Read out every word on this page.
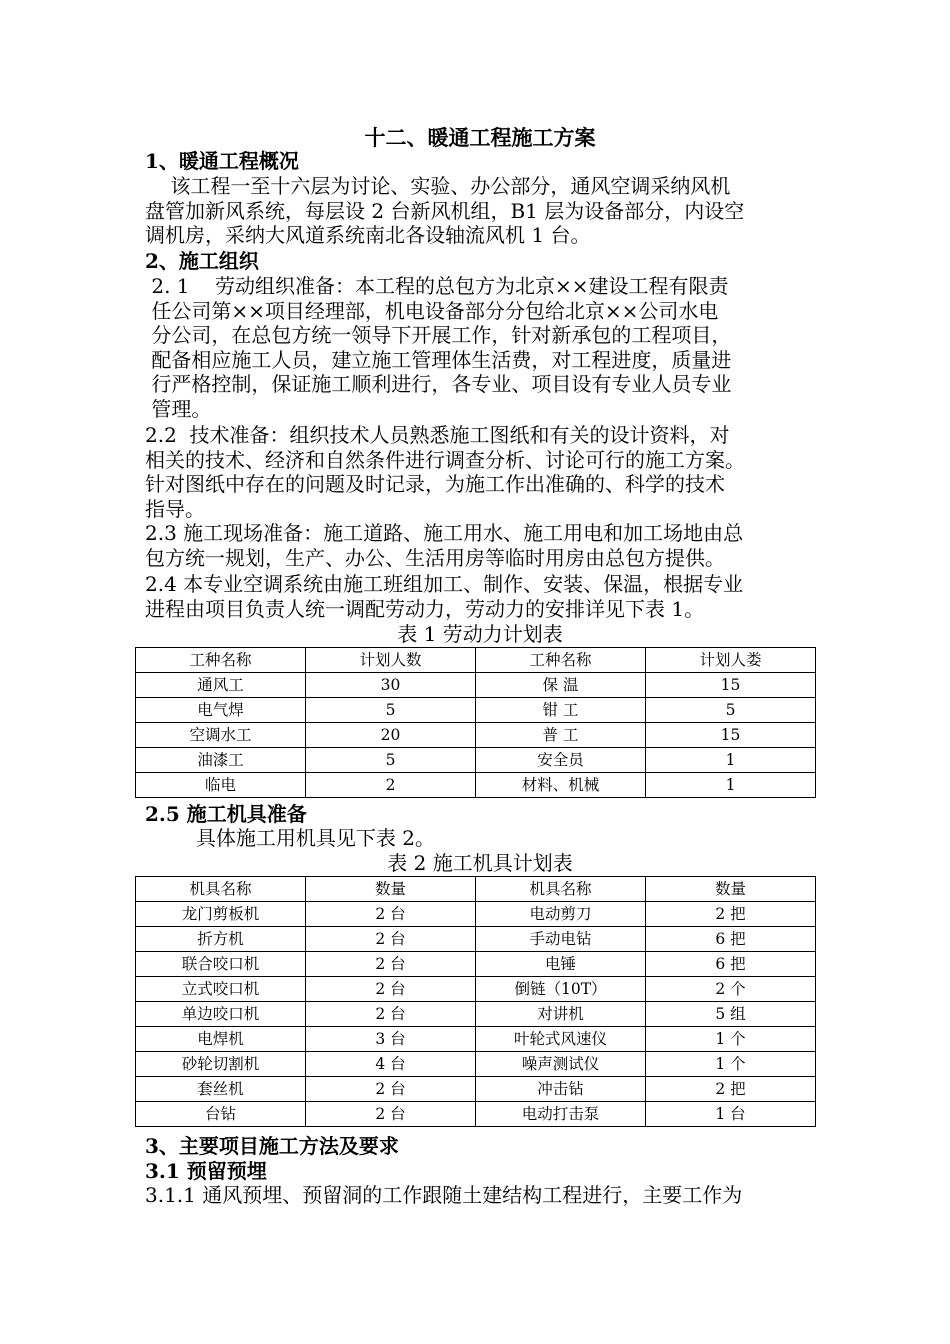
十二、暖通工程施工方案
1、暖通工程概况
该工程一至十六层为讨论、实验、办公部分，通风空调采纳风机
盘管加新风系统，每层设 2 台新风机组，B1 层为设备部分，内设空
调机房，采纳大风道系统南北各设轴流风机 1 台。
2、施工组织
2. 1    劳动组织准备：本工程的总包方为北京××建设工程有限责
任公司第××项目经理部，机电设备部分分包给北京××公司水电
分公司，在总包方统一领导下开展工作，针对新承包的工程项目，
配备相应施工人员，建立施工管理体生活费，对工程进度，质量进
行严格控制，保证施工顺利进行，各专业、项目设有专业人员专业
管理。
2.2  技术准备：组织技术人员熟悉施工图纸和有关的设计资料，对
相关的技术、经济和自然条件进行调查分析、讨论可行的施工方案。
针对图纸中存在的问题及时记录，为施工作出准确的、科学的技术
指导。
2.3 施工现场准备：施工道路、施工用水、施工用电和加工场地由总
包方统一规划，生产、办公、生活用房等临时用房由总包方提供。
2.4 本专业空调系统由施工班组加工、制作、安装、保温，根据专业
进程由项目负责人统一调配劳动力，劳动力的安排详见下表 1。
表 1 劳动力计划表
工种名称	计划人数	工种名称	计划人娄
通风工	30	保 温	15
电气焊	5	钳 工	5
空调水工	20	普 工	15
油漆工	5	安全员	1
临电	2	材料、机械	1
2.5 施工机具准备
具体施工用机具见下表 2。
表 2 施工机具计划表
机具名称	数量	机具名称	数量
龙门剪板机	2 台	电动剪刀	2 把
折方机	2 台	手动电钻	6 把
联合咬口机	2 台	电锤	6 把
立式咬口机	2 台	倒链（10T）	2 个
单边咬口机	2 台	对讲机	5 组
电焊机	3 台	叶轮式风速仪	1 个
砂轮切割机	4 台	噪声测试仪	1 个
套丝机	2 台	冲击钻	2 把
台钻	2 台	电动打击泵	1 台
3、主要项目施工方法及要求
3.1 预留预埋
3.1.1 通风预埋、预留洞的工作跟随土建结构工程进行，主要工作为
